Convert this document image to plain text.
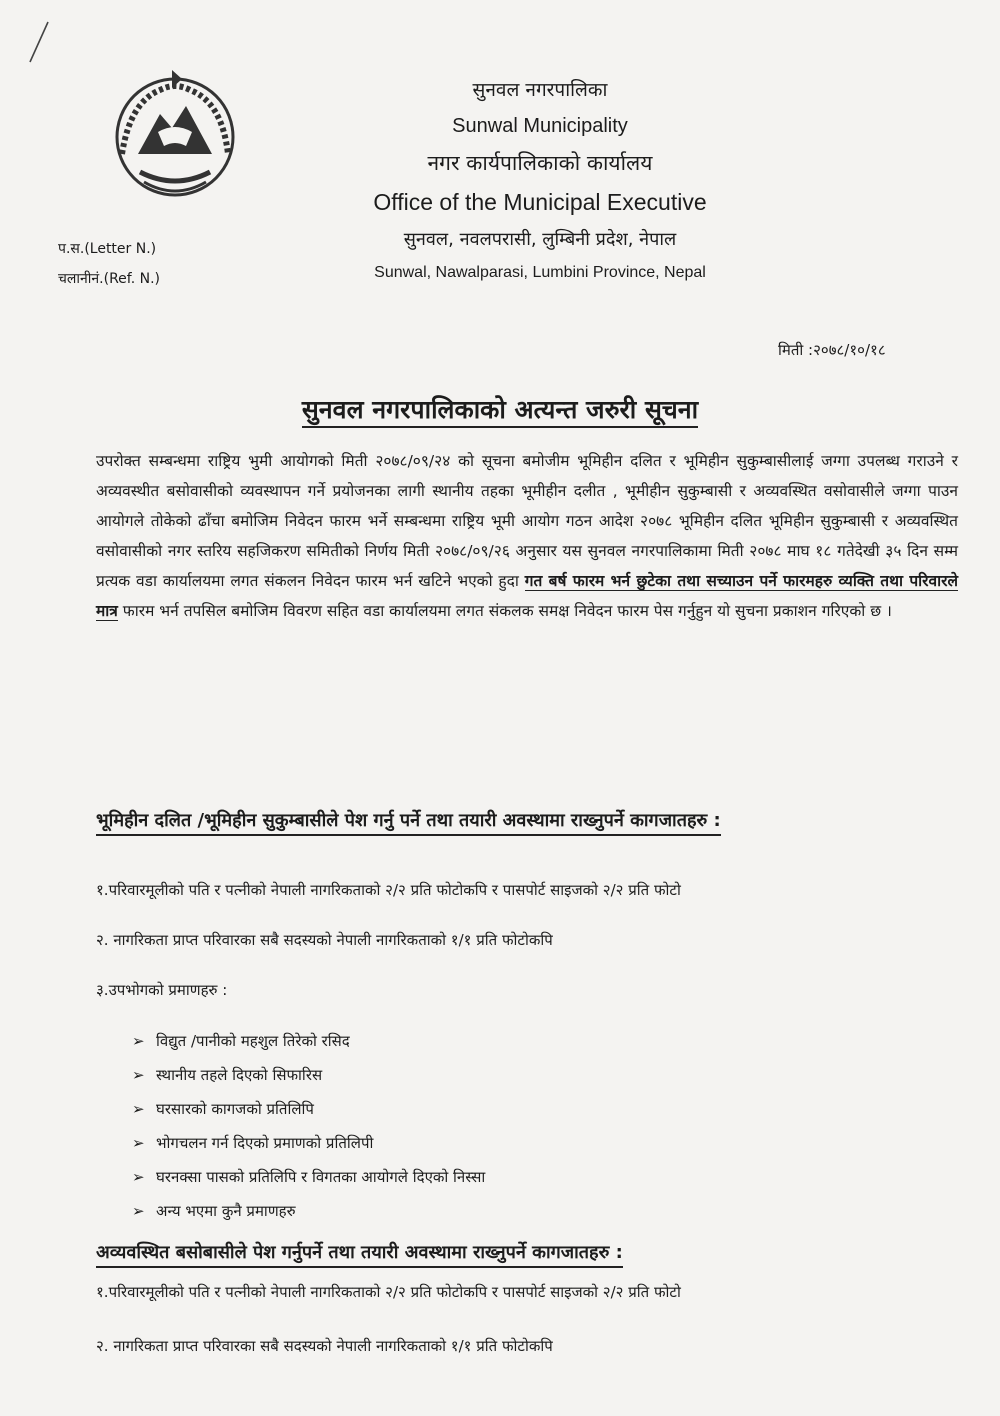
सुनवल नगरपालिका
Sunwal Municipality
नगर कार्यपालिकाको कार्यालय
Office of the Municipal Executive
सुनवल, नवलपरासी, लुम्बिनी प्रदेश, नेपाल
Sunwal, Nawalparasi, Lumbini Province, Nepal
प.स.(Letter N.)
चलानीनं.(Ref. N.)
मिती :२०७८/१०/१८
सुनवल नगरपालिकाको अत्यन्त जरुरी सूचना
उपरोक्त सम्बन्धमा राष्ट्रिय भुमी आयोगको मिती २०७८/०९/२४ को सूचना बमोजीम भूमिहीन दलित र भूमिहीन सुकुम्बासीलाई जग्गा उपलब्ध गराउने र अव्यवस्थीत बसोवासीको व्यवस्थापन गर्ने प्रयोजनका लागी स्थानीय तहका भूमीहीन दलीत , भूमीहीन सुकुम्बासी र अव्यवस्थित वसोवासीले जग्गा पाउन आयोगले तोकेको ढाँचा बमोजिम निवेदन फारम भर्ने सम्बन्धमा राष्ट्रिय भूमी आयोग गठन आदेश २०७८ भूमिहीन दलित भूमिहीन सुकुम्बासी र अव्यवस्थित वसोवासीको नगर स्तरिय सहजिकरण समितीको निर्णय मिती २०७८/०९/२६ अनुसार यस सुनवल नगरपालिकामा मिती २०७८ माघ १८ गतेदेखी ३५ दिन सम्म प्रत्यक वडा कार्यालयमा लगत संकलन निवेदन फारम भर्न खटिने भएको हुदा गत बर्ष फारम भर्न छुटेका तथा सच्याउन पर्ने फारमहरु व्यक्ति तथा परिवारले मात्र फारम भर्न तपसिल बमोजिम विवरण सहित वडा कार्यालयमा लगत संकलक समक्ष निवेदन फारम पेस गर्नुहुन यो सुचना प्रकाशन गरिएको छ ।
भूमिहीन दलित /भूमिहीन सुकुम्बासीले पेश गर्नु पर्ने तथा तयारी अवस्थामा राख्नुपर्ने कागजातहरु :
१.परिवारमूलीको पति र पत्नीको नेपाली नागरिकताको २/२ प्रति फोटोकपि र पासपोर्ट साइजको २/२ प्रति फोटो
२. नागरिकता प्राप्त परिवारका सबै सदस्यको नेपाली नागरिकताको १/१ प्रति फोटोकपि
३.उपभोगको प्रमाणहरु :
➢ विद्युत /पानीको महशुल तिरेको रसिद
➢ स्थानीय तहले दिएको सिफारिस
➢ घरसारको कागजको प्रतिलिपि
➢ भोगचलन गर्न दिएको प्रमाणको प्रतिलिपी
➢ घरनक्सा पासको प्रतिलिपि र विगतका आयोगले दिएको निस्सा
➢ अन्य भएमा कुनै प्रमाणहरु
अव्यवस्थित बसोबासीले पेश गर्नुपर्ने तथा तयारी अवस्थामा राख्नुपर्ने कागजातहरु :
१.परिवारमूलीको पति र पत्नीको नेपाली नागरिकताको २/२ प्रति फोटोकपि र पासपोर्ट साइजको २/२ प्रति फोटो
२. नागरिकता प्राप्त परिवारका सबै सदस्यको नेपाली नागरिकताको १/१ प्रति फोटोकपि
